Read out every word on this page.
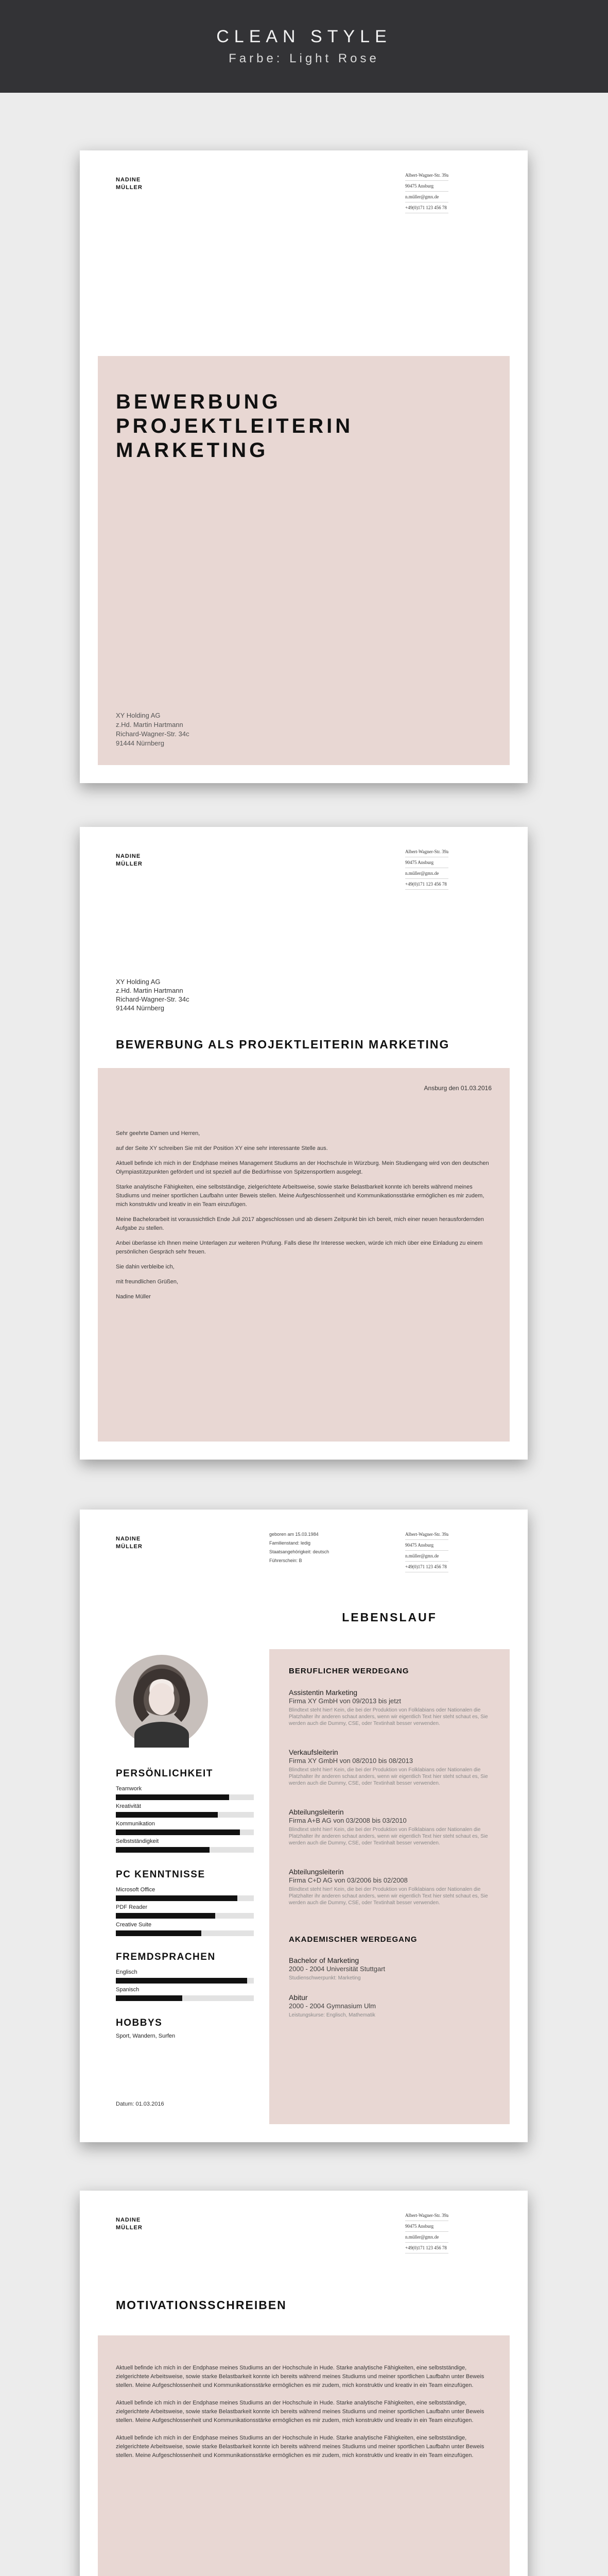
CLEAN STYLE
Farbe: Light Rose
NADINE
MÜLLER
Albert-Wagner-Str. 39a
90475 Ansburg
n.müller@gmx.de
+49(0)171 123 456 78
BEWERBUNG
PROJEKTLEITERIN
MARKETING
XY Holding AG
z.Hd. Martin Hartmann
Richard-Wagner-Str. 34c
91444 Nürnberg
NADINE
MÜLLER
Albert-Wagner-Str. 39a
90475 Ansburg
n.müller@gmx.de
+49(0)171 123 456 78
XY Holding AG
z.Hd. Martin Hartmann
Richard-Wagner-Str. 34c
91444 Nürnberg
BEWERBUNG ALS PROJEKTLEITERIN MARKETING
Ansburg den 01.03.2016

Sehr geehrte Damen und Herren,

auf der Seite XY schreiben Sie mit der Position XY eine sehr interessante Stelle aus.

Aktuell befinde ich mich in der Endphase meines Management Studiums an der Hochschule in Würzburg. Mein Studiengang wird von den deutschen Olympiastützpunkten gefördert und ist speziell auf die Bedürfnisse von Spitzensportlern ausgelegt.

Starke analytische Fähigkeiten, eine selbstständige, zielgerichtete Arbeitsweise, sowie starke Belastbarkeit konnte ich bereits während meines Studiums und meiner sportlichen Laufbahn unter Beweis stellen. Meine Aufgeschlossenheit und Kommunikationsstärke ermöglichen es mir zudem, mich konstruktiv und kreativ in ein Team einzufügen.

Meine Bachelorarbeit ist voraussichtlich Ende Juli 2017 abgeschlossen und ab diesem Zeitpunkt bin ich bereit, mich einer neuen herausfordernden Aufgabe zu stellen.

Anbei überlasse ich Ihnen meine Unterlagen zur weiteren Prüfung. Falls diese Ihr Interesse wecken, würde ich mich über eine Einladung zu einem persönlichen Gespräch sehr freuen.

Sie dahin verbleibe ich,

mit freundlichen Grüßen,

Nadine Müller

NADINE
MÜLLER
geboren am 15.03.1984
Familienstand: ledig
Staatsangehörigkeit: deutsch
Führerschein: B
Albert-Wagner-Str. 39a
90475 Ansburg
n.müller@gmx.de
+49(0)171 123 456 78
LEBENSLAUF
PERSÖNLICHKEIT
Teamwork
Kreativität
Kommunikation
Selbstständigkeit
PC KENNTNISSE
Microsoft Office
PDF Reader
Creative Suite
FREMDSPRACHEN
Englisch
Spanisch
HOBBYS
Sport, Wandern, Surfen
Datum: 01.03.2016
BERUFLICHER WERDEGANG
Assistentin Marketing
Firma XY GmbH von 09/2013 bis jetzt
Blindtext steht hier! Kein, die bei der Produktion von Folklabians oder Nationalen die Platzhalter ihr anderen schaut anders, wenn wir eigentlich Text hier steht schaut es, Sie werden auch die Dummy, CSE, oder Textinhalt besser verwenden.
Verkaufsleiterin
Firma XY GmbH von 08/2010 bis 08/2013
Blindtext steht hier! Kein, die bei der Produktion von Folklabians oder Nationalen die Platzhalter ihr anderen schaut anders, wenn wir eigentlich Text hier steht schaut es, Sie werden auch die Dummy, CSE, oder Textinhalt besser verwenden.
Abteilungsleiterin
Firma A+B AG von 03/2008 bis 03/2010
Blindtext steht hier! Kein, die bei der Produktion von Folklabians oder Nationalen die Platzhalter ihr anderen schaut anders, wenn wir eigentlich Text hier steht schaut es, Sie werden auch die Dummy, CSE, oder Textinhalt besser verwenden.
Abteilungsleiterin
Firma C+D AG von 03/2006 bis 02/2008
Blindtext steht hier! Kein, die bei der Produktion von Folklabians oder Nationalen die Platzhalter ihr anderen schaut anders, wenn wir eigentlich Text hier steht schaut es, Sie werden auch die Dummy, CSE, oder Textinhalt besser verwenden.
AKADEMISCHER WERDEGANG
Bachelor of Marketing
2000 - 2004 Universität Stuttgart
Studienschwerpunkt: Marketing
Abitur
2000 - 2004 Gymnasium Ulm
Leistungskurse: Englisch, Mathematik
NADINE
MÜLLER
Albert-Wagner-Str. 39a
90475 Ansburg
n.müller@gmx.de
+49(0)171 123 456 78
MOTIVATIONSSCHREIBEN

Aktuell befinde ich mich in der Endphase meines Studiums an der Hochschule in Hude. Starke analytische Fähigkeiten, eine selbstständige, zielgerichtete Arbeitsweise, sowie starke Belastbarkeit konnte ich bereits während meines Studiums und meiner sportlichen Laufbahn unter Beweis stellen. Meine Aufgeschlossenheit und Kommunikationsstärke ermöglichen es mir zudem, mich konstruktiv und kreativ in ein Team einzufügen.

Aktuell befinde ich mich in der Endphase meines Studiums an der Hochschule in Hude. Starke analytische Fähigkeiten, eine selbstständige, zielgerichtete Arbeitsweise, sowie starke Belastbarkeit konnte ich bereits während meines Studiums und meiner sportlichen Laufbahn unter Beweis stellen. Meine Aufgeschlossenheit und Kommunikationsstärke ermöglichen es mir zudem, mich konstruktiv und kreativ in ein Team einzufügen.

Aktuell befinde ich mich in der Endphase meines Studiums an der Hochschule in Hude. Starke analytische Fähigkeiten, eine selbstständige, zielgerichtete Arbeitsweise, sowie starke Belastbarkeit konnte ich bereits während meines Studiums und meiner sportlichen Laufbahn unter Beweis stellen. Meine Aufgeschlossenheit und Kommunikationsstärke ermöglichen es mir zudem, mich konstruktiv und kreativ in ein Team einzufügen.
